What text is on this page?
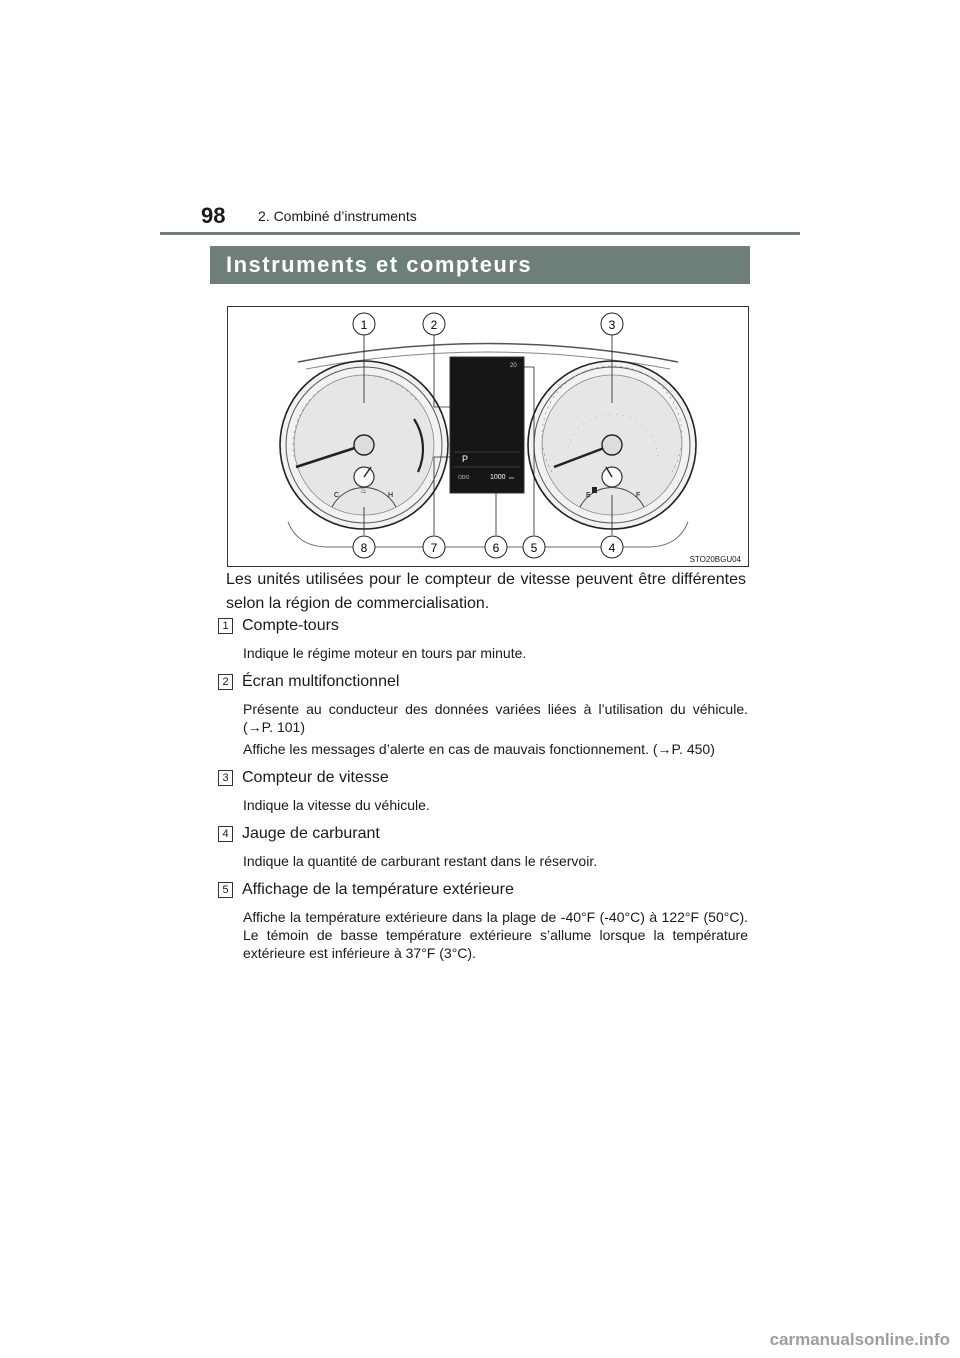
98 2. Combiné d’instruments
Instruments et compteurs
C	H
♨
20
P
ODO	1000 km
E	F
1	2	3
8	7	6	5	4
STO20BGU04
Les unités utilisées pour le compteur de vitesse peuvent être différentes selon la région de commercialisation.
1 Compte-tours
Indique le régime moteur en tours par minute.
2 Écran multifonctionnel
Présente au conducteur des données variées liées à l’utilisation du véhicule. (→P. 101)
Affiche les messages d’alerte en cas de mauvais fonctionnement. (→P. 450)
3 Compteur de vitesse
Indique la vitesse du véhicule.
4 Jauge de carburant
Indique la quantité de carburant restant dans le réservoir.
5 Affichage de la température extérieure
Affiche la température extérieure dans la plage de -40°F (-40°C) à 122°F (50°C). Le témoin de basse température extérieure s’allume lorsque la température extérieure est inférieure à 37°F (3°C).
carmanualsonline.info
